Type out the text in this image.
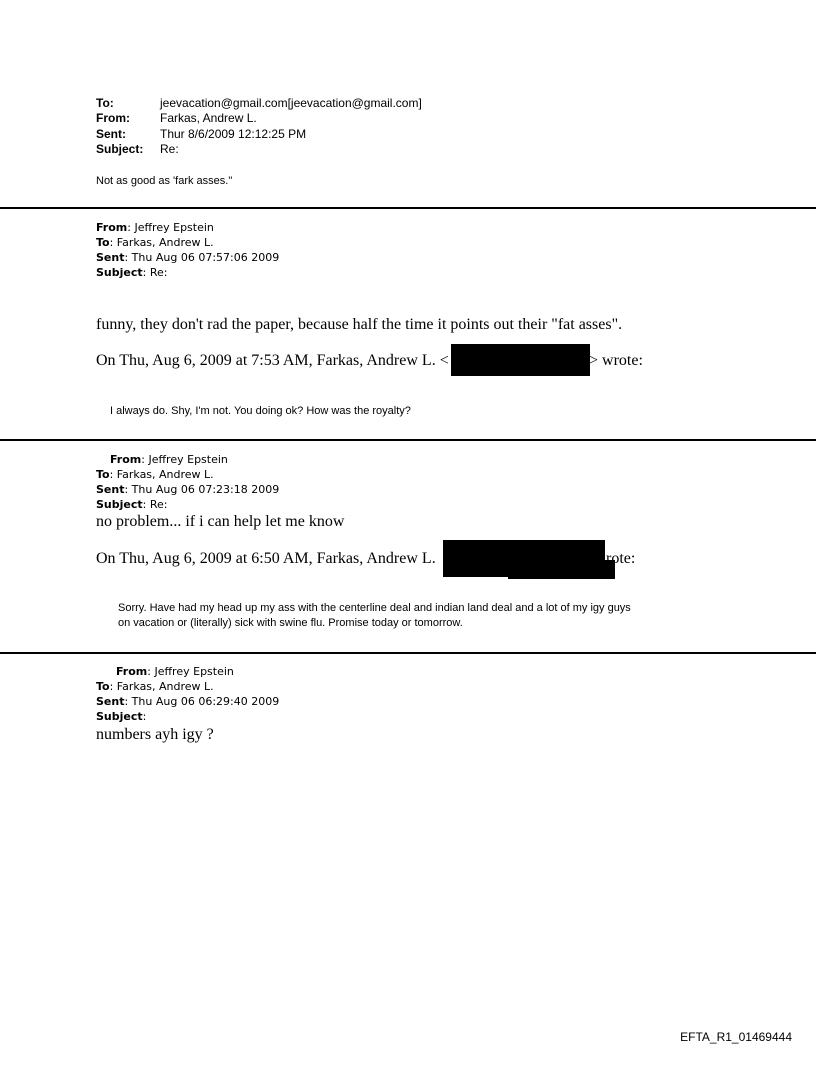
To:	jeevacation@gmail.com[jeevacation@gmail.com]
From:	Farkas, Andrew L.
Sent:	Thur 8/6/2009 12:12:25 PM
Subject: Re:
Not as good as 'fark asses."
From: Jeffrey Epstein
To: Farkas, Andrew L.
Sent: Thu Aug 06 07:57:06 2009
Subject: Re:
funny, they don't rad the paper, because half the time it points out their "fat asses".
On Thu, Aug 6, 2009 at 7:53 AM, Farkas, Andrew L. <	> wrote:
I always do. Shy, I'm not. You doing ok? How was the royalty?
From: Jeffrey Epstein
To: Farkas, Andrew L.
Sent: Thu Aug 06 07:23:18 2009
Subject: Re:
no problem... if i can help let me know
On Thu, Aug 6, 2009 at 6:50 AM, Farkas, Andrew L.	rote:
Sorry. Have had my head up my ass with the centerline deal and indian land deal and a lot of my igy guys
on vacation or (literally) sick with swine flu. Promise today or tomorrow.
From: Jeffrey Epstein
To: Farkas, Andrew L.
Sent: Thu Aug 06 06:29:40 2009
Subject:
numbers ayh igy ?
EFTA_R1_01469444
